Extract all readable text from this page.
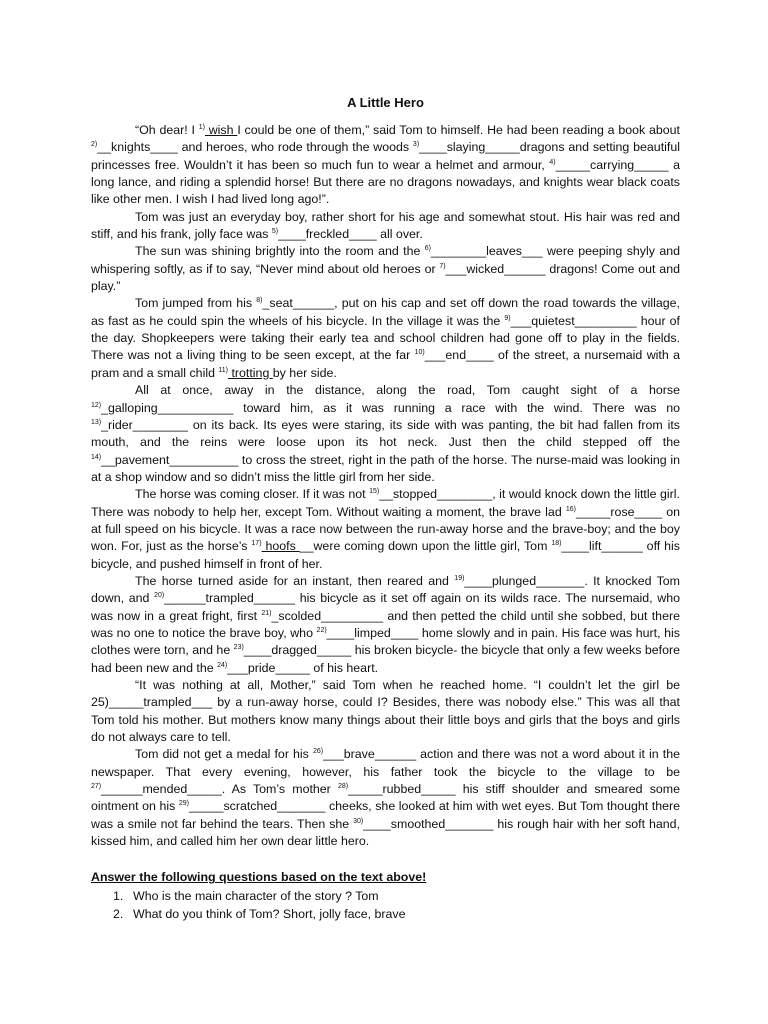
A Little Hero

“Oh dear! I $^{1)}$ wish I could be one of them,” said Tom to himself. He had been reading a book about $^{2)}$__knights____ and heroes, who rode through the woods $^{3)}$____slaying_____dragons and setting beautiful princesses free. Wouldn’t it has been so much fun to wear a helmet and armour, $^{4)}$_____carrying_____ a long lance, and riding a splendid horse! But there are no dragons nowadays, and knights wear black coats like other men. I wish I had lived long ago!”.

Tom was just an everyday boy, rather short for his age and somewhat stout. His hair was red and stiff, and his frank, jolly face was $^{5)}$____freckled____ all over.

The sun was shining brightly into the room and the $^{6)}$________leaves___ were peeping shyly and whispering softly, as if to say, “Never mind about old heroes or $^{7)}$___wicked______ dragons! Come out and play.”

Tom jumped from his $^{8)}$_seat______, put on his cap and set off down the road towards the village, as fast as he could spin the wheels of his bicycle. In the village it was the $^{9)}$___quietest_________ hour of the day. Shopkeepers were taking their early tea and school children had gone off to play in the fields. There was not a living thing to be seen except, at the far $^{10)}$___end____ of the street, a nursemaid with a pram and a small child $^{11)}$ trotting by her side.

All at once, away in the distance, along the road, Tom caught sight of a horse $^{12)}$_galloping___________ toward him, as it was running a race with the wind. There was no $^{13)}$_rider________ on its back. Its eyes were staring, its side with was panting, the bit had fallen from its mouth, and the reins were loose upon its hot neck. Just then the child stepped off the $^{14)}$__pavement__________ to cross the street, right in the path of the horse. The nurse-maid was looking in at a shop window and so didn’t miss the little girl from her side.

The horse was coming closer. If it was not $^{15)}$__stopped________, it would knock down the little girl. There was nobody to help her, except Tom. Without waiting a moment, the brave lad $^{16)}$_____rose____ on at full speed on his bicycle. It was a race now between the run-away horse and the brave-boy; and the boy won. For, just as the horse’s $^{17)}$ hoofs __were coming down upon the little girl, Tom $^{18)}$____lift______ off his bicycle, and pushed himself in front of her.

The horse turned aside for an instant, then reared and $^{19)}$____plunged_______. It knocked Tom down, and $^{20)}$______trampled______ his bicycle as it set off again on its wilds race. The nursemaid, who was now in a great fright, first $^{21)}$_scolded_________ and then petted the child until she sobbed, but there was no one to notice the brave boy, who $^{22)}$____limped____ home slowly and in pain. His face was hurt, his clothes were torn, and he $^{23)}$____dragged_____ his broken bicycle- the bicycle that only a few weeks before had been new and the $^{24)}$___pride_____ of his heart.

“It was nothing at all, Mother,” said Tom when he reached home. “I couldn’t let the girl be 25)_____trampled___ by a run-away horse, could I? Besides, there was nobody else.” This was all that Tom told his mother. But mothers know many things about their little boys and girls that the boys and girls do not always care to tell.

Tom did not get a medal for his $^{26)}$___brave______ action and there was not a word about it in the newspaper. That every evening, however, his father took the bicycle to the village to be $^{27)}$______mended_____. As Tom’s mother $^{28)}$_____rubbed_____ his stiff shoulder and smeared some ointment on his $^{29)}$_____scratched_______ cheeks, she looked at him with wet eyes. But Tom thought there was a smile not far behind the tears. Then she $^{30)}$____smoothed_______ his rough hair with her soft hand, kissed him, and called him her own dear little hero.

Answer the following questions based on the text above!
1. Who is the main character of the story ? Tom
2. What do you think of Tom? Short, jolly face, brave
